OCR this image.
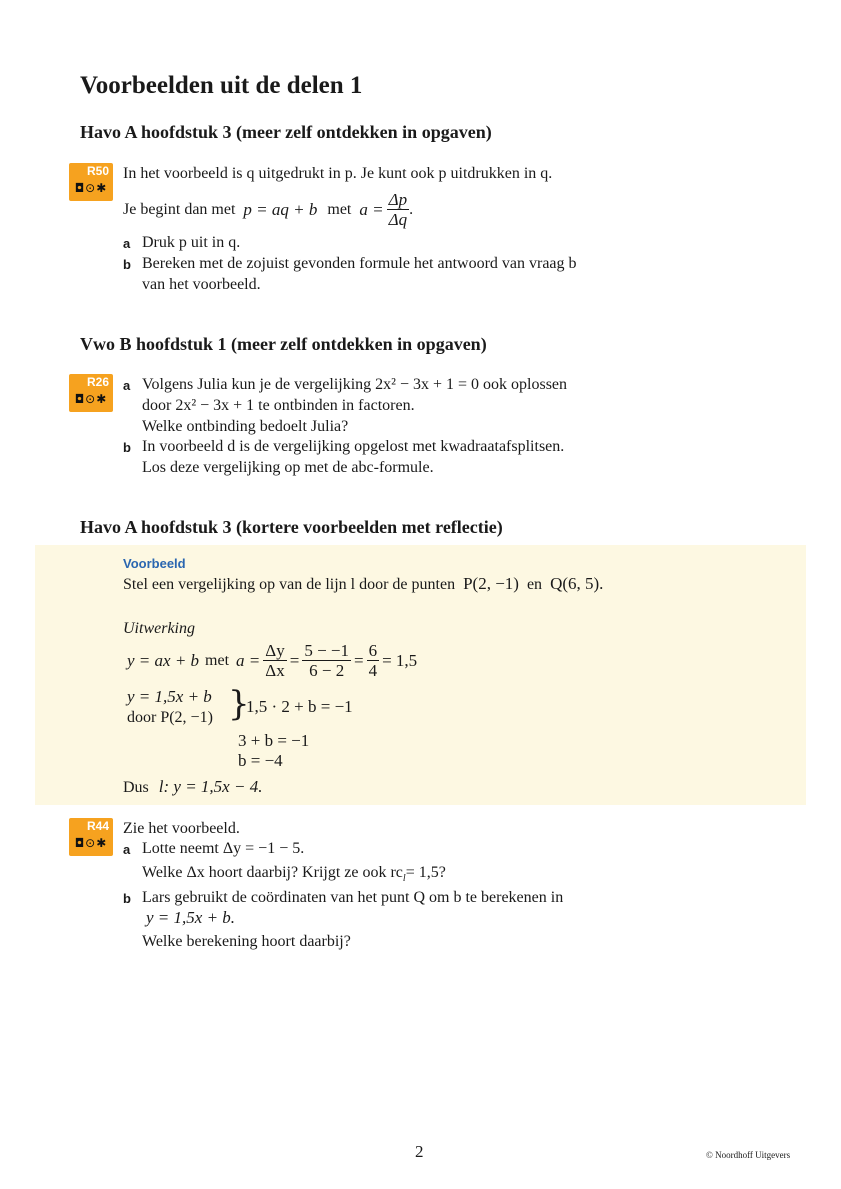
Voorbeelden uit de delen 1
Havo A hoofdstuk 3 (meer zelf ontdekken in opgaven)
R50
◘⊙✱
In het voorbeeld is q uitgedrukt in p. Je kunt ook p uitdrukken in q.
Je begint dan met p = aq + b met $a = \frac{\Delta p}{\Delta q}$ .
a Druk p uit in q.
b Bereken met de zojuist gevonden formule het antwoord van vraag b
van het voorbeeld.
Vwo B hoofdstuk 1 (meer zelf ontdekken in opgaven)
R26
◘⊙✱
a Volgens Julia kun je de vergelijking 2x² − 3x + 1 = 0 ook oplossen
door 2x² − 3x + 1 te ontbinden in factoren.
Welke ontbinding bedoelt Julia?
b In voorbeeld d is de vergelijking opgelost met kwadraatafsplitsen.
Los deze vergelijking op met de abc-formule.
Havo A hoofdstuk 3 (kortere voorbeelden met reflectie)
Voorbeeld
Stel een vergelijking op van de lijn l door de punten P(2, −1) en Q(6, 5).
Uitwerking
y = ax + b met $a = \frac{\Delta y}{\Delta x} = \frac{5 - -1}{6 - 2} = \frac{6}{4} = 1,5$
y = 1,5x + b
door P(2, −1) }
1,5 · 2 + b = −1
3 + b = −1
b = −4
Dus l: y = 1,5x − 4.
R44
◘⊙✱
Zie het voorbeeld.
a Lotte neemt Δy = −1 − 5.
Welke Δx hoort daarbij? Krijgt ze ook rc l = 1,5?
b Lars gebruikt de coördinaten van het punt Q om b te berekenen in
y = 1,5x + b.
Welke berekening hoort daarbij?
2	© Noordhoff Uitgevers
